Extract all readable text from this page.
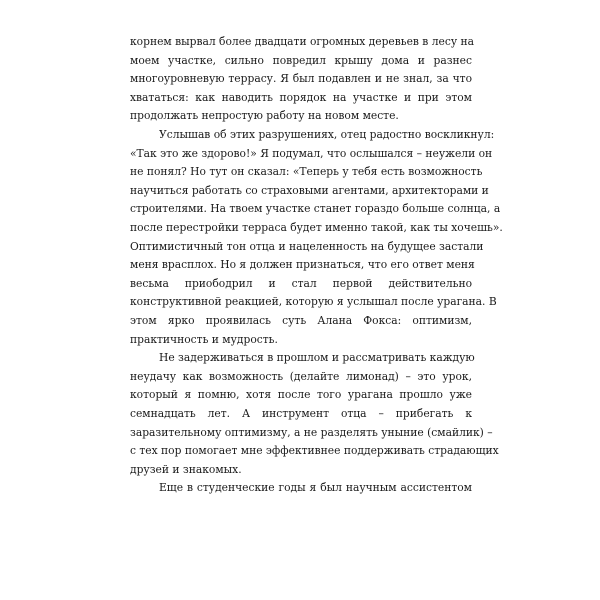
корнем вырвал более двадцати огромных деревьев в лесу на

моем участке, сильно повредил крышу дома и разнес

многоуровневую террасу. Я был подавлен и не знал, за что

хвататься: как наводить порядок на участке и при этом

продолжать непростую работу на новом месте.

Услышав об этих разрушениях, отец радостно воскликнул:

«Так это же здорово!» Я подумал, что ослышался – неужели он

не понял? Но тут он сказал: «Теперь у тебя есть возможность

научиться работать со страховыми агентами, архитекторами и

строителями. На твоем участке станет гораздо больше солнца, а

после перестройки терраса будет именно такой, как ты хочешь».

Оптимистичный тон отца и нацеленность на будущее застали

меня врасплох. Но я должен признаться, что его ответ меня

весьма приободрил и стал первой действительно

конструктивной реакцией, которую я услышал после урагана. В

этом ярко проявилась суть Алана Фокса: оптимизм,

практичность и мудрость.

Не задерживаться в прошлом и рассматривать каждую

неудачу как возможность (делайте лимонад) – это урок,

который я помню, хотя после того урагана прошло уже

семнадцать лет. А инструмент отца – прибегать к

заразительному оптимизму, а не разделять уныние (смайлик) –

с тех пор помогает мне эффективнее поддерживать страдающих

друзей и знакомых.

Еще в студенческие годы я был научным ассистентом
